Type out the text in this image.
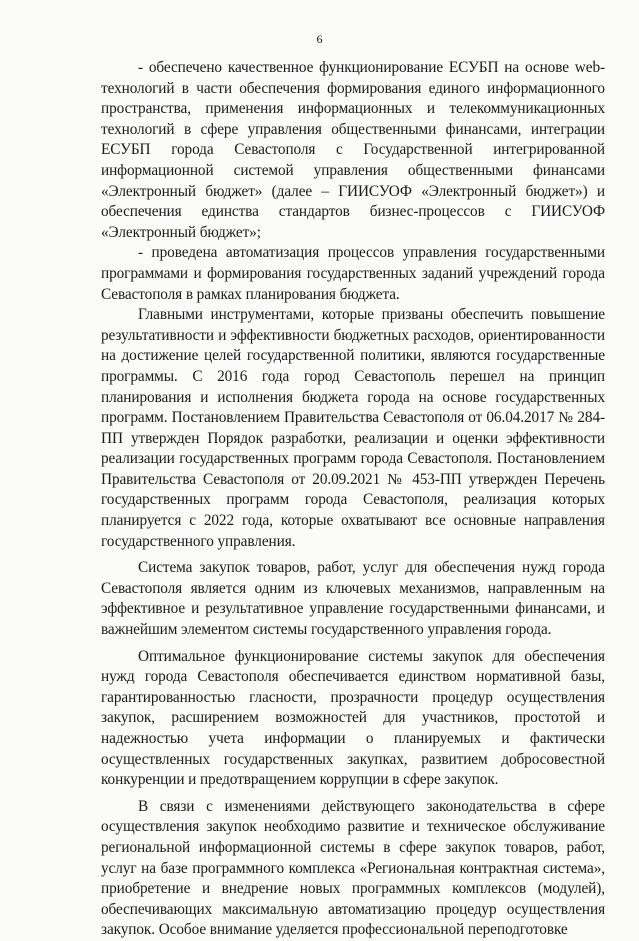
6

- обеспечено качественное функционирование ЕСУБП на основе web-технологий в части обеспечения формирования единого информационного пространства, применения информационных и телекоммуникационных технологий в сфере управления общественными финансами, интеграции ЕСУБП города Севастополя с Государственной интегрированной информационной системой управления общественными финансами «Электронный бюджет» (далее – ГИИСУОФ «Электронный бюджет») и обеспечения единства стандартов бизнес-процессов с ГИИСУОФ «Электронный бюджет»;

- проведена автоматизация процессов управления государственными программами и формирования государственных заданий учреждений города Севастополя в рамках планирования бюджета.

Главными инструментами, которые призваны обеспечить повышение результативности и эффективности бюджетных расходов, ориентированности на достижение целей государственной политики, являются государственные программы. С 2016 года город Севастополь перешел на принцип планирования и исполнения бюджета города на основе государственных программ. Постановлением Правительства Севастополя от 06.04.2017 № 284-ПП утвержден Порядок разработки, реализации и оценки эффективности реализации государственных программ города Севастополя. Постановлением Правительства Севастополя от 20.09.2021 № 453-ПП утвержден Перечень государственных программ города Севастополя, реализация которых планируется с 2022 года, которые охватывают все основные направления государственного управления.

Система закупок товаров, работ, услуг для обеспечения нужд города Севастополя является одним из ключевых механизмов, направленным на эффективное и результативное управление государственными финансами, и важнейшим элементом системы государственного управления города.

Оптимальное функционирование системы закупок для обеспечения нужд города Севастополя обеспечивается единством нормативной базы, гарантированностью гласности, прозрачности процедур осуществления закупок, расширением возможностей для участников, простотой и надежностью учета информации о планируемых и фактически осуществленных государственных закупках, развитием добросовестной конкуренции и предотвращением коррупции в сфере закупок.

В связи с изменениями действующего законодательства в сфере осуществления закупок необходимо развитие и техническое обслуживание региональной информационной системы в сфере закупок товаров, работ, услуг на базе программного комплекса «Региональная контрактная система», приобретение и внедрение новых программных комплексов (модулей), обеспечивающих максимальную автоматизацию процедур осуществления закупок. Особое внимание уделяется профессиональной переподготовке
